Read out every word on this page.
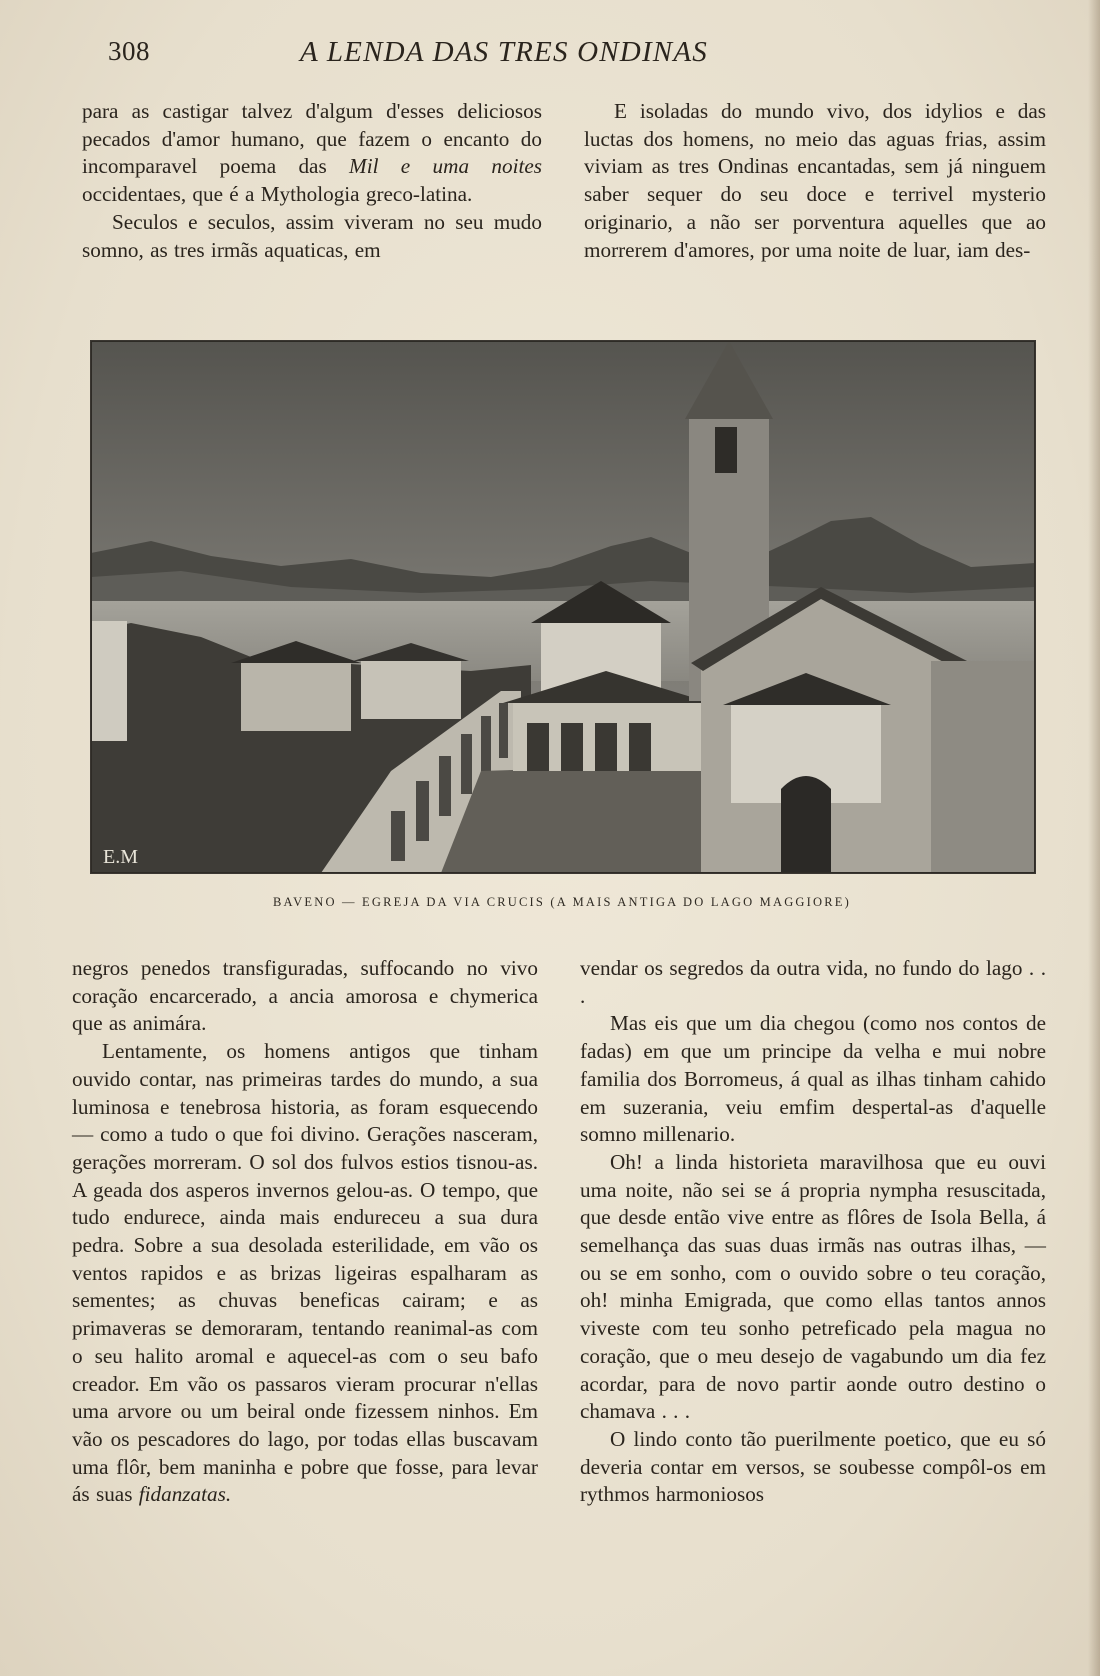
308	A LENDA DAS TRES ONDINAS

para as castigar talvez d'algum d'esses deliciosos pecados d'amor humano, que fazem o encanto do incomparavel poema das Mil e uma noites occidentaes, que é a Mythologia greco-latina.

Seculos e seculos, assim viveram no seu mudo somno, as tres irmãs aquaticas, em

E isoladas do mundo vivo, dos idylios e das luctas dos homens, no meio das aguas frias, assim viviam as tres Ondinas encantadas, sem já ninguem saber sequer do seu doce e terrivel mysterio originario, a não ser porventura aquelles que ao morrerem d'amores, por uma noite de luar, iam des-

E.M
BAVENO — EGREJA DA VIA CRUCIS (A MAIS ANTIGA DO LAGO MAGGIORE)

negros penedos transfiguradas, suffocando no vivo coração encarcerado, a ancia amorosa e chymerica que as animára.

Lentamente, os homens antigos que tinham ouvido contar, nas primeiras tardes do mundo, a sua luminosa e tenebrosa historia, as foram esquecendo — como a tudo o que foi divino. Gerações nasceram, gerações morreram. O sol dos fulvos estios tisnou-as. A geada dos asperos invernos gelou-as. O tempo, que tudo endurece, ainda mais endureceu a sua dura pedra. Sobre a sua desolada esterilidade, em vão os ventos rapidos e as brizas ligeiras espalharam as sementes; as chuvas beneficas cairam; e as primaveras se demoraram, tentando reanimal-as com o seu halito aromal e aquecel-as com o seu bafo creador. Em vão os passaros vieram procurar n'ellas uma arvore ou um beiral onde fizessem ninhos. Em vão os pescadores do lago, por todas ellas buscavam uma flôr, bem maninha e pobre que fosse, para levar ás suas fidanzatas.

vendar os segredos da outra vida, no fundo do lago . . .

Mas eis que um dia chegou (como nos contos de fadas) em que um principe da velha e mui nobre familia dos Borromeus, á qual as ilhas tinham cahido em suzerania, veiu emfim despertal-as d'aquelle somno millenario.

Oh! a linda historieta maravilhosa que eu ouvi uma noite, não sei se á propria nympha resuscitada, que desde então vive entre as flôres de Isola Bella, á semelhança das suas duas irmãs nas outras ilhas, — ou se em sonho, com o ouvido sobre o teu coração, oh! minha Emigrada, que como ellas tantos annos viveste com teu sonho petreficado pela magua no coração, que o meu desejo de vagabundo um dia fez acordar, para de novo partir aonde outro destino o chamava . . .

O lindo conto tão puerilmente poetico, que eu só deveria contar em versos, se soubesse compôl-os em rythmos harmoniosos
